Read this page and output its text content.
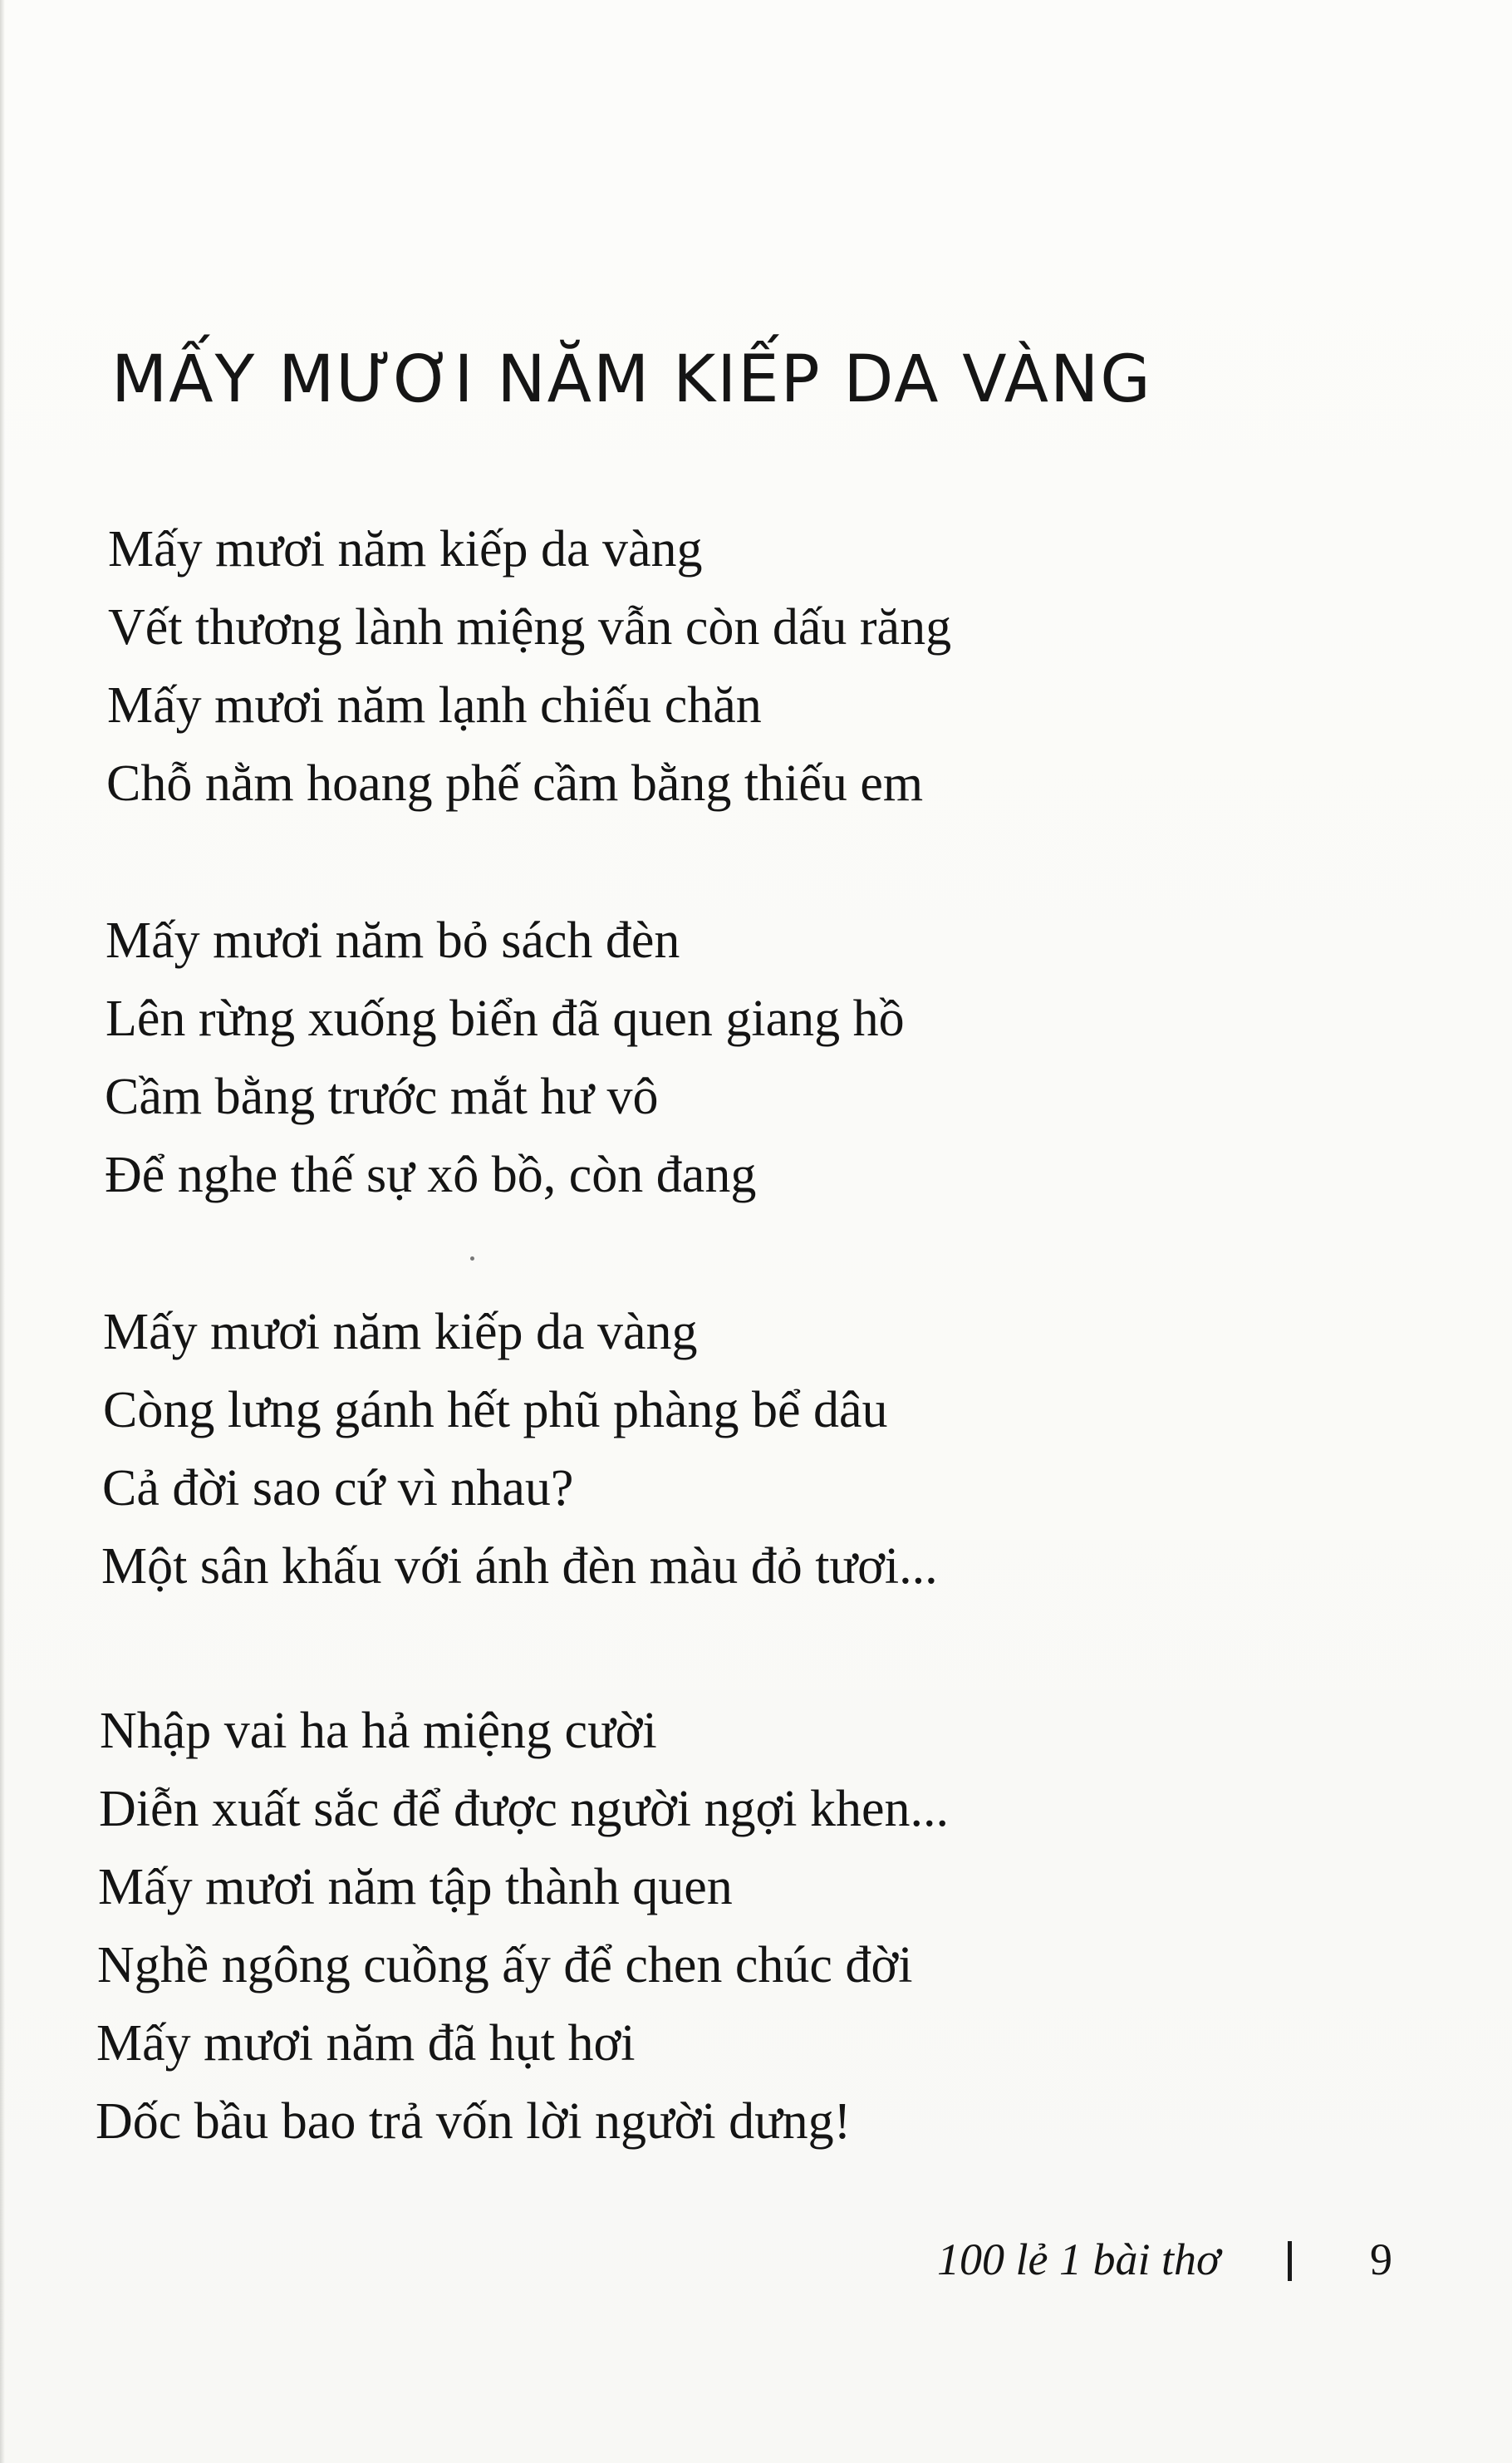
MẤY MƯƠI NĂM KIẾP DA VÀNG
Mấy mươi năm kiếp da vàng
Vết thương lành miệng vẫn còn dấu răng
Mấy mươi năm lạnh chiếu chăn
Chỗ nằm hoang phế cầm bằng thiếu em
Mấy mươi năm bỏ sách đèn
Lên rừng xuống biển đã quen giang hồ
Cầm bằng trước mắt hư vô
Để nghe thế sự xô bồ, còn đang
Mấy mươi năm kiếp da vàng
Còng lưng gánh hết phũ phàng bể dâu
Cả đời sao cứ vì nhau?
Một sân khấu với ánh đèn màu đỏ tươi...
Nhập vai ha hả miệng cười
Diễn xuất sắc để được người ngợi khen...
Mấy mươi năm tập thành quen
Nghề ngông cuồng ấy để chen chúc đời
Mấy mươi năm đã hụt hơi
Dốc bầu bao trả vốn lời người dưng!
100 lẻ 1 bài thơ	9
